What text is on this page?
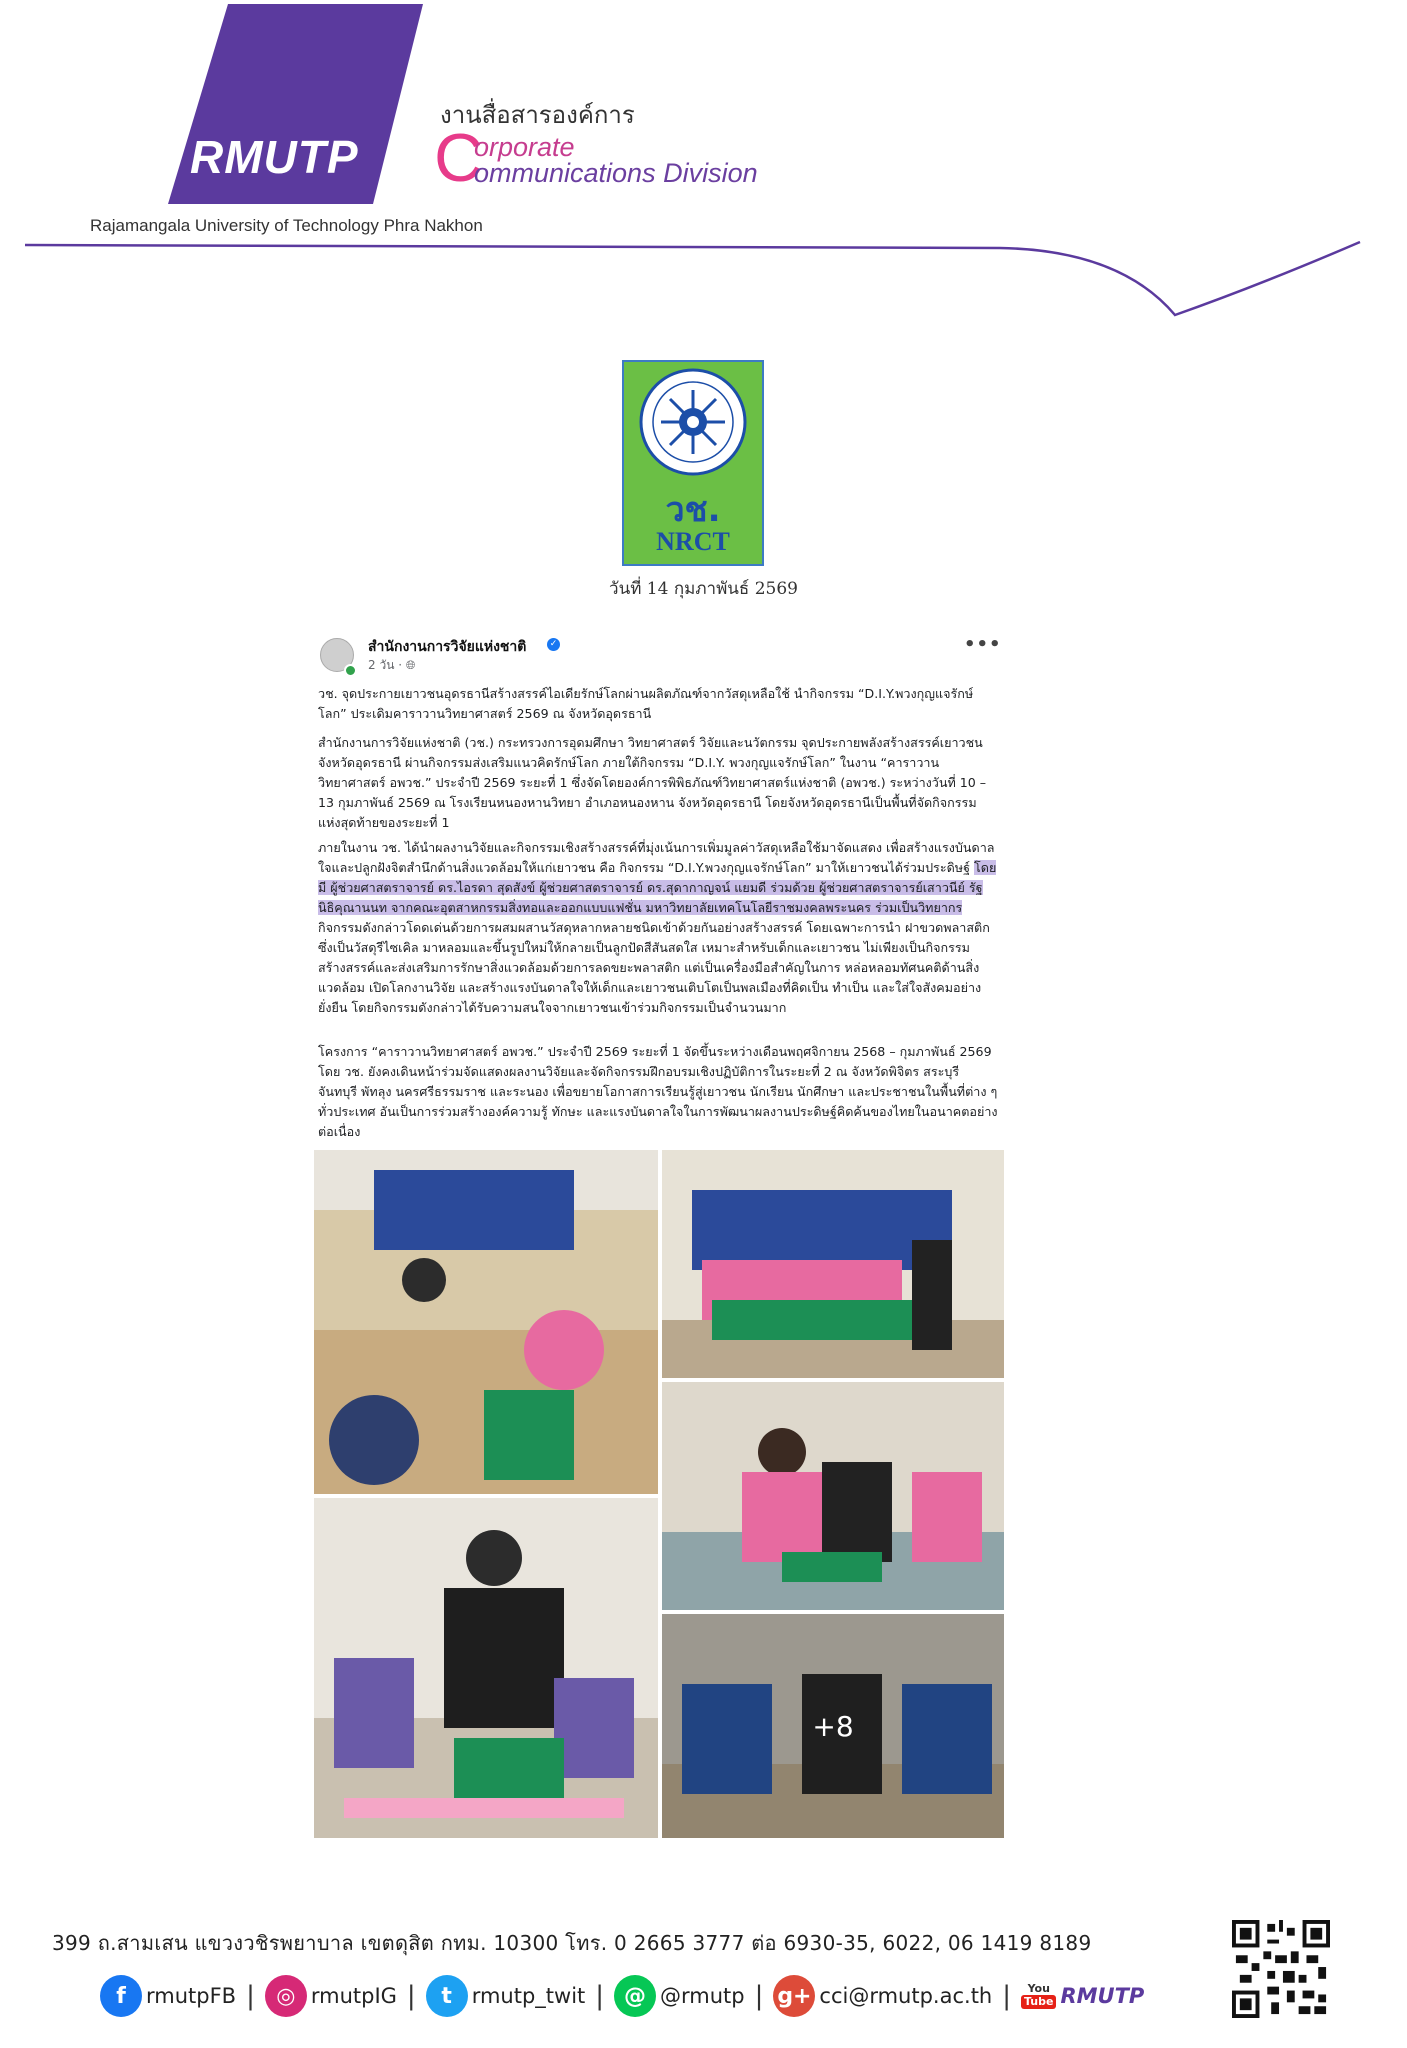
RMUTP
Rajamangala University of Technology Phra Nakhon
งานสื่อสารองค์การ
C
orporate
ommunications Division
วช.
NRCT
วันที่ 14 กุมภาพันธ์ 2569
สำนักงานการวิจัยแห่งชาติ	✓
2 วัน · 🌐︎
•••
วช. จุดประกายเยาวชนอุดรธานีสร้างสรรค์ไอเดียรักษ์โลกผ่านผลิตภัณฑ์จากวัสดุเหลือใช้ นำกิจกรรม “D.I.Y.พวงกุญแจรักษ์โลก” ประเดิมคาราวานวิทยาศาสตร์ 2569 ณ จังหวัดอุดรธานี
สำนักงานการวิจัยแห่งชาติ (วช.) กระทรวงการอุดมศึกษา วิทยาศาสตร์ วิจัยและนวัตกรรม จุดประกายพลังสร้างสรรค์เยาวชนจังหวัดอุดรธานี ผ่านกิจกรรมส่งเสริมแนวคิดรักษ์โลก ภายใต้กิจกรรม “D.I.Y. พวงกุญแจรักษ์โลก” ในงาน “คาราวานวิทยาศาสตร์ อพวช.” ประจำปี 2569 ระยะที่ 1 ซึ่งจัดโดยองค์การพิพิธภัณฑ์วิทยาศาสตร์แห่งชาติ (อพวช.) ระหว่างวันที่ 10 – 13 กุมภาพันธ์ 2569 ณ โรงเรียนหนองหานวิทยา อำเภอหนองหาน จังหวัดอุดรธานี โดยจังหวัดอุดรธานีเป็นพื้นที่จัดกิจกรรมแห่งสุดท้ายของระยะที่ 1
ภายในงาน วช. ได้นำผลงานวิจัยและกิจกรรมเชิงสร้างสรรค์ที่มุ่งเน้นการเพิ่มมูลค่าวัสดุเหลือใช้มาจัดแสดง เพื่อสร้างแรงบันดาลใจและปลูกฝังจิตสำนึกด้านสิ่งแวดล้อมให้แก่เยาวชน คือ กิจกรรม “D.I.Y.พวงกุญแจรักษ์โลก” มาให้เยาวชนได้ร่วมประดิษฐ์ โดยมี ผู้ช่วยศาสตราจารย์ ดร.ไอรดา สุดสังข์ ผู้ช่วยศาสตราจารย์ ดร.สุดากาญจน์ แยมดี ร่วมด้วย ผู้ช่วยศาสตราจารย์เสาวนีย์ รัฐนิธิคุณานนท จากคณะอุตสาหกรรมสิ่งทอและออกแบบแฟชั่น มหาวิทยาลัยเทคโนโลยีราชมงคลพระนคร ร่วมเป็นวิทยากร กิจกรรมดังกล่าวโดดเด่นด้วยการผสมผสานวัสดุหลากหลายชนิดเข้าด้วยกันอย่างสร้างสรรค์ โดยเฉพาะการนำ ฝาขวดพลาสติก ซึ่งเป็นวัสดุรีไซเคิล มาหลอมและขึ้นรูปใหม่ให้กลายเป็นลูกปัดสีสันสดใส เหมาะสำหรับเด็กและเยาวชน ไม่เพียงเป็นกิจกรรมสร้างสรรค์และส่งเสริมการรักษาสิ่งแวดล้อมด้วยการลดขยะพลาสติก แต่เป็นเครื่องมือสำคัญในการ หล่อหลอมทัศนคติด้านสิ่งแวดล้อม เปิดโลกงานวิจัย และสร้างแรงบันดาลใจให้เด็กและเยาวชนเติบโตเป็นพลเมืองที่คิดเป็น ทำเป็น และใส่ใจสังคมอย่างยั่งยืน โดยกิจกรรมดังกล่าวได้รับความสนใจจากเยาวชนเข้าร่วมกิจกรรมเป็นจำนวนมาก
โครงการ “คาราวานวิทยาศาสตร์ อพวช.” ประจำปี 2569 ระยะที่ 1 จัดขึ้นระหว่างเดือนพฤศจิกายน 2568 – กุมภาพันธ์ 2569 โดย วช. ยังคงเดินหน้าร่วมจัดแสดงผลงานวิจัยและจัดกิจกรรมฝึกอบรมเชิงปฏิบัติการในระยะที่ 2 ณ จังหวัดพิจิตร สระบุรี จันทบุรี พัทลุง นครศรีธรรมราช และระนอง เพื่อขยายโอกาสการเรียนรู้สู่เยาวชน นักเรียน นักศึกษา และประชาชนในพื้นที่ต่าง ๆ ทั่วประเทศ อันเป็นการร่วมสร้างองค์ความรู้ ทักษะ และแรงบันดาลใจในการพัฒนาผลงานประดิษฐ์คิดค้นของไทยในอนาคตอย่างต่อเนื่อง
+8
399 ถ.สามเสน แขวงวชิรพยาบาล เขตดุสิต กทม. 10300 โทร. 0 2665 3777 ต่อ 6930-35, 6022, 06 1419 8189
f rmutpFB | ◎ rmutpIG |	t rmutp_twit | @ @rmutp | g+ cci@rmutp.ac.th | You
Tube RMUTP
